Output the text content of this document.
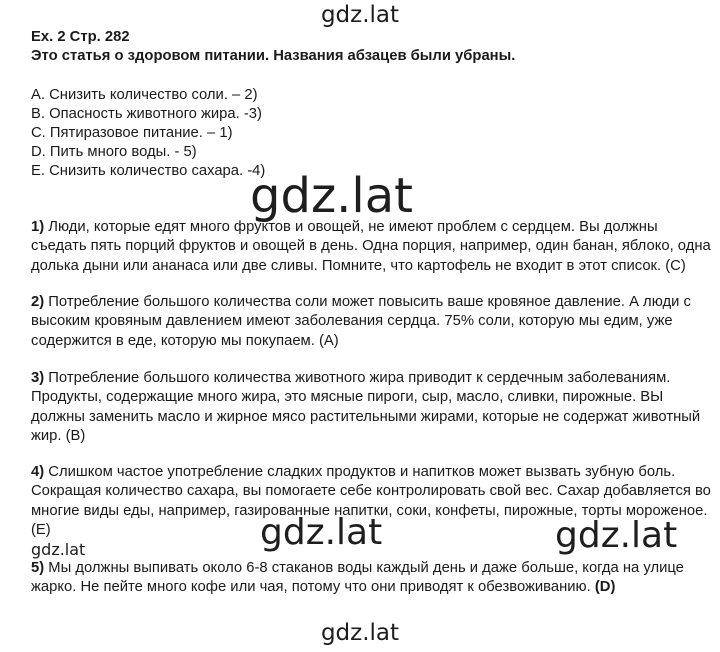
gdz.lat

Ex. 2 Стр. 282

Это статья о здоровом питании. Названия абзацев были убраны.

A. Снизить количество соли. – 2)
B. Опасность животного жира. -3)
C. Пятиразовое питание. – 1)
D. Пить много воды. - 5)
E. Снизить количество сахара. -4)
gdz.lat
1) Люди, которые едят много фруктов и овощей, не имеют проблем с сердцем. Вы должны съедать пять порций фруктов и овощей в день. Одна порция, например, один банан, яблоко, одна долька дыни или ананаса или две сливы. Помните, что картофель не входит в этот список. (C)
2) Потребление большого количества соли может повысить ваше кровяное давление. А люди с высоким кровяным давлением имеют заболевания сердца. 75% соли, которую мы едим, уже содержится в еде, которую мы покупаем. (A)
3) Потребление большого количества животного жира приводит к сердечным заболеваниям. Продукты, содержащие много жира, это мясные пироги, сыр, масло, сливки, пирожные. ВЫ должны заменить масло и жирное мясо растительными жирами, которые не содержат животный жир. (B)
4) Слишком частое употребление сладких продуктов и напитков может вызвать зубную боль. Сокращая количество сахара, вы помогаете себе контролировать свой вес. Сахар добавляется во многие виды еды, например, газированные напитки, соки, конфеты, пирожные, торты мороженое. (E)	gdz.lat	gdz.lat
gdz.lat
5) Мы должны выпивать около 6-8 стаканов воды каждый день и даже больше, когда на улице жарко. Не пейте много кофе или чая, потому что они приводят к обезвоживанию. (D)
gdz.lat
